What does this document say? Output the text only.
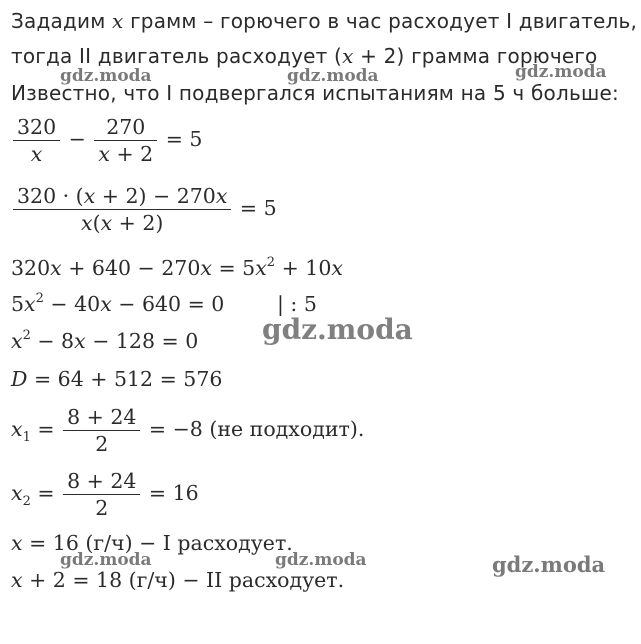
Зададим x грамм – горючего в час расходует I двигатель,
тогда II двигатель расходует (x + 2) грамма горючего
Известно, что I подвергался испытаниям на 5 ч больше:
$\frac{320}{x} - \frac{270}{x + 2} = 5$
$\frac{320 \cdot (x + 2) - 270x}{x(x + 2)} = 5$
$320x + 640 - 270x = 5x^2 + 10x$
$5x^2 - 40x - 640 = 0$	| : 5
$x^2 - 8x - 128 = 0$
D = 64 + 512 = 576
$x_1 = \frac{8 + 24}{2} = -8$ (не подходит).
$x_2 = \frac{8 + 24}{2} = 16$
x = 16 (г/ч) − I расходует.
x + 2 = 18 (г/ч) − II расходует.
gdz.moda	gdz.moda	gdz.moda
gdz.moda
gdz.moda	gdz.moda	gdz.moda
